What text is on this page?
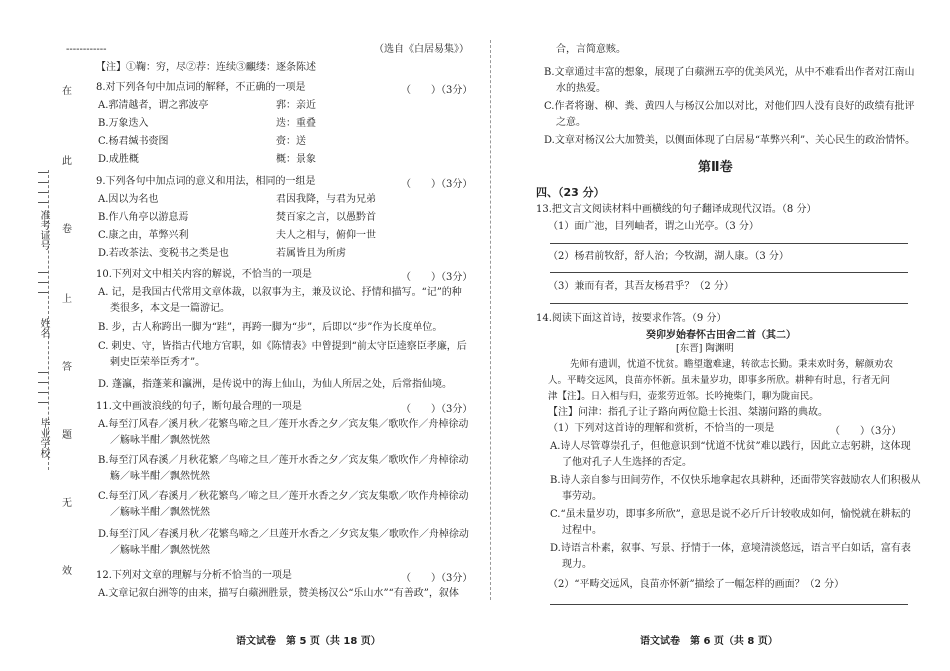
在
此
卷
上
答
题
无
效
准考证号
姓名
毕业学校
------------	（选自《白居易集》）
【注】①鞠：穷，尽②荐：连续③覼缕：逐条陈述
8.对下列各句中加点词的解释，不正确的一项是	（　　）（3分）
A.郛清越者，谓之郛波亭	郛：亲近
B.万象迭入	迭：重叠
C.杨君缄书赍图	赍：送
D.成胜概	概：景象
9.下列各句中加点词的意义和用法，相同的一组是	（　　）（3分）
A.因以为名也	君因我降，与君为兄弟
B.作八角亭以游息焉	焚百家之言，以愚黔首
C.康之由，革弊兴利	夫人之相与，俯仰一世
D.若改茶法、变税书之类是也	若属皆且为所虏
10.下列对文中相关内容的解说，不恰当的一项是	（　　）（3分）
A. 记，是我国古代常用文章体裁，以叙事为主，兼及议论、抒情和描写。“记”的种
类很多，本文是一篇游记。
B. 步，古人称跨出一脚为“跬”，再跨一脚为“步”，后即以“步”作为长度单位。
C. 剌史、守，皆指古代地方官职，如《陈情表》中曾提到“前太守臣逵察臣孝廉，后
剌史臣荣举臣秀才”。
D. 蓬瀛，指蓬莱和瀛洲，是传说中的海上仙山，为仙人所居之处，后常指仙境。
11.文中画波浪线的句子，断句最合理的一项是	（　　）（3分）
A.每至汀风春／溪月秋／花繁鸟啼之旦／莲开水香之夕／宾友集／歌吹作／舟棹徐动
／觞咏半酣／飘然恍然
B.每至汀风春溪／月秋花繁／鸟啼之旦／莲开水香之夕／宾友集／歌吹作／舟棹徐动
觞／咏半酣／飘然恍然
C.每至汀风／春溪月／秋花繁鸟／啼之旦／莲开水香之夕／宾友集歌／吹作舟棹徐动
／觞咏半酣／飘然恍然
D.每至汀风／春溪月秋／花繁鸟啼之／旦莲开水香之／夕宾友集／歌吹作／舟棹徐动
／觞咏半酣／飘然恍然
12.下列对文章的理解与分析不恰当的一项是	（　　）（3分）
A.文章记叙白洲等的由来，描写白蘋洲胜景，赞美杨汉公“乐山水”“有善政”，叙体
语文试卷　第 5 页（共 18 页）
合，言简意赅。
B.文章通过丰富的想象，展现了白蘋洲五亭的优美风光，从中不难看出作者对江南山
水的热爱。
C.作者将谢、柳、粪、黄四人与杨汉公加以对比，对他们四人没有良好的政绩有批评
之意。
D.文章对杨汉公大加赞美，以侧面体现了白居易“革弊兴利”、关心民生的政治情怀。
第Ⅱ卷
四、（23 分）
13.把文言文阅读材料中画横线的句子翻译成现代汉语。（8 分）
（1）面广池，目列岫者，谓之山光亭。（3 分）
（2）杨君前牧舒，舒人治；今牧湖，湖人康。（3 分）
（3）兼而有者，其吾友杨君乎？（2 分）
14.阅读下面这首诗，按要求作答。（9 分）
癸卯岁始春怀古田舍二首（其二）
[东晋] 陶渊明
先师有遗训，忧道不忧贫。瞻望邈难逮，转欲志长勤。秉耒欢时务，解颜劝农
人。平畴交远风，良苗亦怀新。虽未量岁功，即事多所欣。耕种有时息，行者无问
津【注】。日入相与归，壶浆劳近邻。长吟掩柴门，聊为陇亩民。
【注】问津：指孔子让子路向两位隐士长沮、桀溺问路的典故。
（1）下列对这首诗的理解和赏析，不恰当的一项是	（　　）（3分）
A.诗人尽管尊崇孔子，但他意识到“忧道不忧贫”难以践行，因此立志躬耕，这体现
了他对孔子人生选择的否定。
B.诗人亲自参与田间劳作，不仅快乐地拿起农具耕种，还面带笑容鼓励农人们积极从
事劳动。
C.“虽未量岁功，即事多所欣”，意思是说不必斤斤计较收成如何，愉悦就在耕耘的
过程中。
D.诗语言朴素，叙事、写景、抒情于一体，意境清淡悠远，语言平白如话，富有表
现力。
（2）“平畴交远风，良苗亦怀新”描绘了一幅怎样的画面？（2 分）
语文试卷　第 6 页（共 8 页）
